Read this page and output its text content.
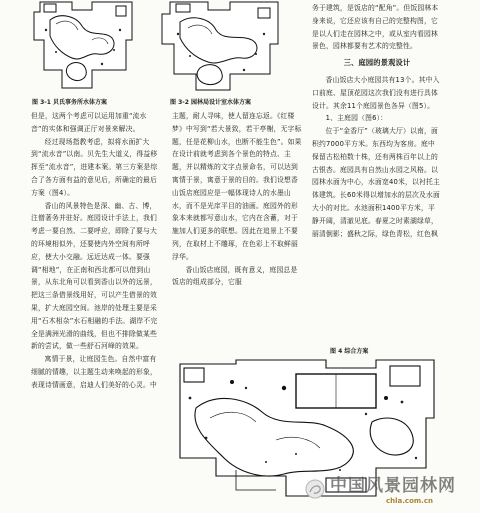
图 3-1 贝氏事务所水体方案	图 3-2 园林局设计室水体方案

但是，这两个考虑可以运用加重“流水音”的实体和强调正厅对景来解决。

经过现场指教考虑，拟将水面扩大到“流水音”以南。贝先生大道义，得益移挥至“流水音”，进建本案。第三方案是综合了各方面有益的意见后，所确定的最后方案（图4）。

香山的风景特色是深、幽、古、博，注僧著务并驻好。庭园设计手法上，我们考虑一要自然、二要呼应，即除了要与大的环境相似外，还要使内外空间有所呼应，使大小交融。远近达成一体。要强调“相地”，在正南和西北都可以借到山景，从东北角可以看到香山以外的远景，把这三条借景线用好，可以产生借景的效果，扩大庭园空间。池岸的处理主要是采用“石木相杂”水石相融的手法。湖岸不完全是满洲光滑的曲线，但也不排除做某些新的尝试，做一些舒石河峰的效果。

寓情于景，让庭园生色。自然中富有细腻的情趣，以主题生动来唤起的形象，表现诗情画意，启迪人们美好的心灵。中

主题，耐人寻味，使人留连忘返。《红楼梦》中写到“若大景致，若干亭榭，无字标题，任是花柳山水，也断不能生色”。如果在设计前就考虑到各个景色的特点、主题，并以精炼的文字点景命名，可以达到寓情于景，寓意于景的目的。我们设想香山饭店庭园应是一幅体现诗人的水墨山水，而不是光庠平目的油画。庭园外的形象本来就都写意山水，它内在含蓄，对于施加人们更多的联想。因此在追景上不要列，在取材上不雕琢，在色彩上不取鲜丽浮华。

香山饭店庭园，既有意义，庭园总是饭店的组成部分，它服

务于建筑，是饭店的“配角”。但饭园林本身来说，它还应该有自己的完整构图，它是以人们走在园林之中，或从室内看园林景色，园林都要有艺术的完整性。

三、庭园的景观设计

香山饭店大小庭园共有13个。其中入口前庭、屋顶花园这次我们没有进行具体设计。其余11个庭园景色各异（图5）。

1、主庭园（图6）：

位于“金香厅”（玻璃大厅）以南，面积约7000平方米。东西均为客房。庭中保留古松柏数十株，还有两株百年以上的古银杏。庭园具有自然山水园之风格。以园林水面为中心，水面宽40米，以衬托主体建筑。长60米得以增加水的层次及水面大小的对比。水池面积1400平方米，平静开阔，清澈见底。春夏之时素湖绿草，丽清倒影；盛秋之际，绿色青松，红色枫

图 4 综合方案
中国风景园林网
chla.com.cn
